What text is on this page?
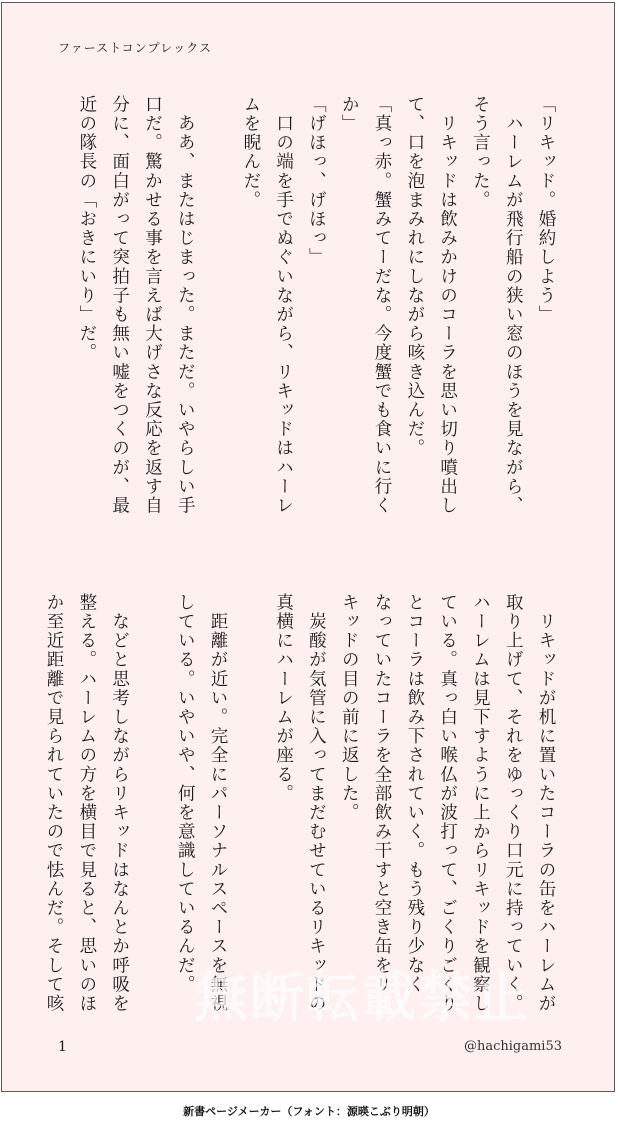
ファーストコンプレックス

「リキッド。婚約しよう」

　ハーレムが飛行船の狭い窓のほうを見ながら、

そう言った。

　リキッドは飲みかけのコーラを思い切り噴出し

て、口を泡まみれにしながら咳き込んだ。

「真っ赤。蟹みてーだな。今度蟹でも食いに行く

か」

「げほっ、げほっ」

　口の端を手でぬぐいながら、リキッドはハーレ

ムを睨んだ。

　ああ、またはじまった。まただ。いやらしい手

口だ。驚かせる事を言えば大げさな反応を返す自

分に、面白がって突拍子も無い嘘をつくのが、最

近の隊長の「おきにいり」だ。

　リキッドが机に置いたコーラの缶をハーレムが

取り上げて、それをゆっくり口元に持っていく。

ハーレムは見下すように上からリキッドを観察し

ている。真っ白い喉仏が波打って、ごくりごくり

とコーラは飲み下されていく。もう残り少なく

なっていたコーラを全部飲み干すと空き缶をリ

キッドの目の前に返した。

　炭酸が気管に入ってまだむせているリキッドの

真横にハーレムが座る。

　距離が近い。完全にパーソナルスペースを無視

している。いやいや、何を意識しているんだ。

　などと思考しながらリキッドはなんとか呼吸を

整える。ハーレムの方を横目で見ると、思いのほ

か至近距離で見られていたので怯んだ。そして咳	無断転載禁止
1	@hachigami53
新書ページメーカー（フォント：源暎こぶり明朝）
